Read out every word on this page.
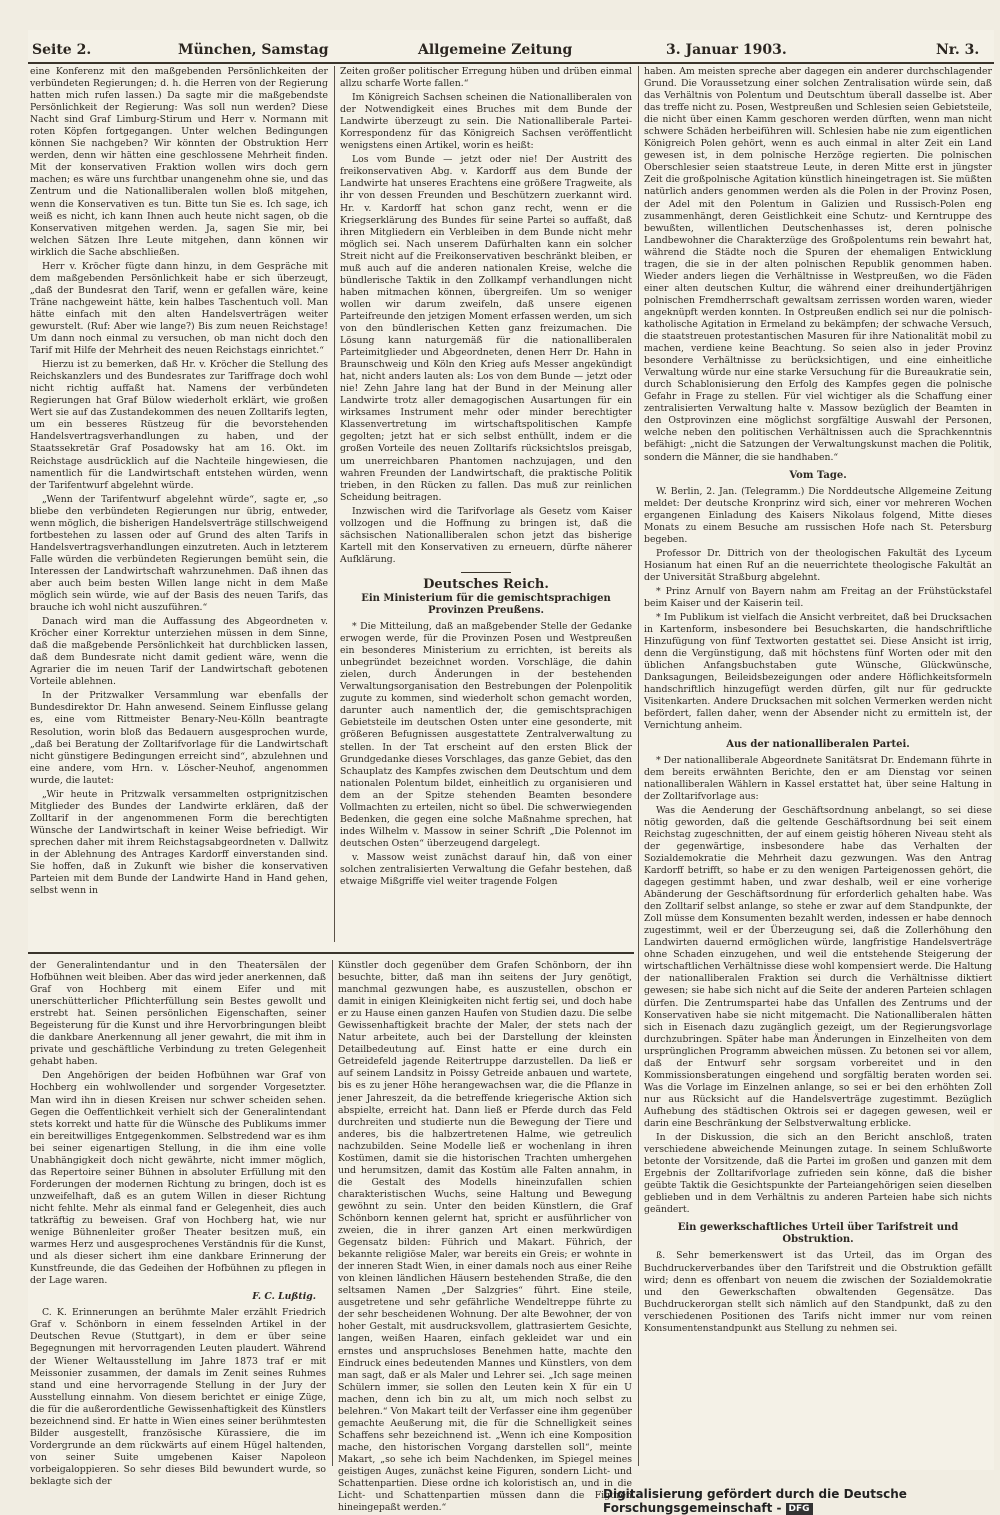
Seite 2.	München, Samstag	Allgemeine Zeitung	3. Januar 1903.	Nr. 3.

eine Konferenz mit den maßgebenden Persönlichkeiten der verbündeten Regierungen; d. h. die Herren von der Regierung hatten mich rufen lassen.) Da sagte mir die maßgebendste Persönlichkeit der Regierung: Was soll nun werden? Diese Nacht sind Graf Limburg-Stirum und Herr v. Normann mit roten Köpfen fortgegangen. Unter welchen Bedingungen können Sie nachgeben? Wir könnten der Obstruktion Herr werden, denn wir hätten eine geschlossene Mehrheit finden. Mit der konservativen Fraktion wollen wirs doch gern machen; es wäre uns furchtbar unangenehm ohne sie, und das Zentrum und die Nationalliberalen wollen bloß mitgehen, wenn die Konservativen es tun. Bitte tun Sie es. Ich sage, ich weiß es nicht, ich kann Ihnen auch heute nicht sagen, ob die Konservativen mitgehen werden. Ja, sagen Sie mir, bei welchen Sätzen Ihre Leute mitgehen, dann können wir wirklich die Sache abschließen.

Herr v. Kröcher fügte dann hinzu, in dem Gespräche mit dem maßgebenden Persönlichkeit habe er sich überzeugt, „daß der Bundesrat den Tarif, wenn er gefallen wäre, keine Träne nachgeweint hätte, kein halbes Taschentuch voll. Man hätte einfach mit den alten Handelsverträgen weiter gewurstelt. (Ruf: Aber wie lange?) Bis zum neuen Reichstage! Um dann noch einmal zu versuchen, ob man nicht doch den Tarif mit Hilfe der Mehrheit des neuen Reichstags einrichtet.“

Hierzu ist zu bemerken, daß Hr. v. Kröcher die Stellung des Reichskanzlers und des Bundesrates zur Tariffrage doch wohl nicht richtig auffaßt hat. Namens der verbündeten Regierungen hat Graf Bülow wiederholt erklärt, wie großen Wert sie auf das Zustandekommen des neuen Zolltarifs legten, um ein besseres Rüstzeug für die bevorstehenden Handelsvertragsverhandlungen zu haben, und der Staatssekretär Graf Posadowsky hat am 16. Okt. im Reichstage ausdrücklich auf die Nachteile hingewiesen, die namentlich für die Landwirtschaft entstehen würden, wenn der Tarifentwurf abgelehnt würde.

„Wenn der Tarifentwurf abgelehnt würde“, sagte er, „so bliebe den verbündeten Regierungen nur übrig, entweder, wenn möglich, die bisherigen Handelsverträge stillschweigend fortbestehen zu lassen oder auf Grund des alten Tarifs in Handelsvertragsverhandlungen einzutreten. Auch in letzterem Falle würden die verbündeten Regierungen bemüht sein, die Interessen der Landwirtschaft wahrzunehmen. Daß ihnen das aber auch beim besten Willen lange nicht in dem Maße möglich sein würde, wie auf der Basis des neuen Tarifs, das brauche ich wohl nicht auszuführen.“

Danach wird man die Auffassung des Abgeordneten v. Kröcher einer Korrektur unterziehen müssen in dem Sinne, daß die maßgebende Persönlichkeit hat durchblicken lassen, daß dem Bundesrate nicht damit gedient wäre, wenn die Agrarier die im neuen Tarif der Landwirtschaft gebotenen Vorteile ablehnen.

In der Pritzwalker Versammlung war ebenfalls der Bundesdirektor Dr. Hahn anwesend. Seinem Einflusse gelang es, eine vom Rittmeister Benary-Neu-Kölln beantragte Resolution, worin bloß das Bedauern ausgesprochen wurde, „daß bei Beratung der Zolltarifvorlage für die Landwirtschaft nicht günstigere Bedingungen erreicht sind“, abzulehnen und eine andere, vom Hrn. v. Löscher-Neuhof, angenommen wurde, die lautet:

„Wir heute in Pritzwalk versammelten ostprignitzischen Mitglieder des Bundes der Landwirte erklären, daß der Zolltarif in der angenommenen Form die berechtigten Wünsche der Landwirtschaft in keiner Weise befriedigt. Wir sprechen daher mit ihrem Reichstagsabgeordneten v. Dallwitz in der Ablehnung des Antrages Kardorff einverstanden sind. Sie hoffen, daß in Zukunft wie bisher die konservativen Parteien mit dem Bunde der Landwirte Hand in Hand gehen, selbst wenn in

Zeiten großer politischer Erregung hüben und drüben einmal allzu scharfe Worte fallen.“

Im Königreich Sachsen scheinen die Nationalliberalen von der Notwendigkeit eines Bruches mit dem Bunde der Landwirte überzeugt zu sein. Die Nationalliberale Partei-Korrespondenz für das Königreich Sachsen veröffentlicht wenigstens einen Artikel, worin es heißt:

Los vom Bunde — jetzt oder nie! Der Austritt des freikonservativen Abg. v. Kardorff aus dem Bunde der Landwirte hat unseres Erachtens eine größere Tragweite, als ihr von dessen Freunden und Beschützern zuerkannt wird. Hr. v. Kardorff hat schon ganz recht, wenn er die Kriegserklärung des Bundes für seine Partei so auffaßt, daß ihren Mitgliedern ein Verbleiben in dem Bunde nicht mehr möglich sei. Nach unserem Dafürhalten kann ein solcher Streit nicht auf die Freikonservativen beschränkt bleiben, er muß auch auf die anderen nationalen Kreise, welche die bündlerische Taktik in den Zollkampf verhandlungen nicht haben mitmachen können, übergreifen. Um so weniger wollen wir darum zweifeln, daß unsere eigenen Parteifreunde den jetzigen Moment erfassen werden, um sich von den bündlerischen Ketten ganz freizumachen. Die Lösung kann naturgemäß für die nationalliberalen Parteimitglieder und Abgeordneten, denen Herr Dr. Hahn in Braunschweig und Köln den Krieg aufs Messer angekündigt hat, nicht anders lauten als: Los von dem Bunde — jetzt oder nie! Zehn Jahre lang hat der Bund in der Meinung aller Landwirte trotz aller demagogischen Ausartungen für ein wirksames Instrument mehr oder minder berechtigter Klassenvertretung im wirtschaftspolitischen Kampfe gegolten; jetzt hat er sich selbst enthüllt, indem er die großen Vorteile des neuen Zolltarifs rücksichtslos preisgab, um unerreichbaren Phantomen nachzujagen, und den wahren Freunden der Landwirtschaft, die praktische Politik trieben, in den Rücken zu fallen. Das muß zur reinlichen Scheidung beitragen.

Inzwischen wird die Tarifvorlage als Gesetz vom Kaiser vollzogen und die Hoffnung zu bringen ist, daß die sächsischen Nationalliberalen schon jetzt das bisherige Kartell mit den Konservativen zu erneuern, dürfte näherer Aufklärung.

Deutsches Reich.
Ein Ministerium für die gemischtsprachigen Provinzen Preußens.

* Die Mitteilung, daß an maßgebender Stelle der Gedanke erwogen werde, für die Provinzen Posen und Westpreußen ein besonderes Ministerium zu errichten, ist bereits als unbegründet bezeichnet worden. Vorschläge, die dahin zielen, durch Änderungen in der bestehenden Verwaltungsorganisation den Bestrebungen der Polenpolitik zugute zu kommen, sind wiederholt schon gemacht worden, darunter auch namentlich der, die gemischtsprachigen Gebietsteile im deutschen Osten unter eine gesonderte, mit größeren Befugnissen ausgestattete Zentralverwaltung zu stellen. In der Tat erscheint auf den ersten Blick der Grundgedanke dieses Vorschlages, das ganze Gebiet, das den Schauplatz des Kampfes zwischen dem Deutschtum und dem nationalen Polentum bildet, einheitlich zu organisieren und dem an der Spitze stehenden Beamten besondere Vollmachten zu erteilen, nicht so übel. Die schwerwiegenden Bedenken, die gegen eine solche Maßnahme sprechen, hat indes Wilhelm v. Massow in seiner Schrift „Die Polennot im deutschen Osten“ überzeugend dargelegt.

v. Massow weist zunächst darauf hin, daß von einer solchen zentralisierten Verwaltung die Gefahr bestehen, daß etwaige Mißgriffe viel weiter tragende Folgen

haben. Am meisten spreche aber dagegen ein anderer durchschlagender Grund. Die Voraussetzung einer solchen Zentralisation würde sein, daß das Verhältnis von Polentum und Deutschtum überall dasselbe ist. Aber das treffe nicht zu. Posen, Westpreußen und Schlesien seien Gebietsteile, die nicht über einen Kamm geschoren werden dürften, wenn man nicht schwere Schäden herbeiführen will. Schlesien habe nie zum eigentlichen Königreich Polen gehört, wenn es auch einmal in alter Zeit ein Land gewesen ist, in dem polnische Herzöge regierten. Die polnischen Oberschlesier seien staatstreue Leute, in deren Mitte erst in jüngster Zeit die großpolnische Agitation künstlich hineingetragen ist. Sie müßten natürlich anders genommen werden als die Polen in der Provinz Posen, der Adel mit den Polentum in Galizien und Russisch-Polen eng zusammenhängt, deren Geistlichkeit eine Schutz- und Kerntruppe des bewußten, willentlichen Deutschenhasses ist, deren polnische Landbewohner die Charakterzüge des Großpolentums rein bewahrt hat, während die Städte noch die Spuren der ehemaligen Entwicklung tragen, die sie in der alten polnischen Republik genommen haben. Wieder anders liegen die Verhältnisse in Westpreußen, wo die Fäden einer alten deutschen Kultur, die während einer dreihundertjährigen polnischen Fremdherrschaft gewaltsam zerrissen worden waren, wieder angeknüpft werden konnten. In Ostpreußen endlich sei nur die polnisch-katholische Agitation in Ermeland zu bekämpfen; der schwache Versuch, die staatstreuen protestantischen Masuren für ihre Nationalität mobil zu machen, verdiene keine Beachtung. So seien also in jeder Provinz besondere Verhältnisse zu berücksichtigen, und eine einheitliche Verwaltung würde nur eine starke Versuchung für die Bureaukratie sein, durch Schablonisierung den Erfolg des Kampfes gegen die polnische Gefahr in Frage zu stellen. Für viel wichtiger als die Schaffung einer zentralisierten Verwaltung halte v. Massow bezüglich der Beamten in den Ostprovinzen eine möglichst sorgfältige Auswahl der Personen, welche neben den politischen Verhältnissen auch die Sprachkenntnis befähigt: „nicht die Satzungen der Verwaltungskunst machen die Politik, sondern die Männer, die sie handhaben.“

Vom Tage.

W. Berlin, 2. Jan. (Telegramm.) Die Norddeutsche Allgemeine Zeitung meldet: Der deutsche Kronprinz wird sich, einer vor mehreren Wochen ergangenen Einladung des Kaisers Nikolaus folgend, Mitte dieses Monats zu einem Besuche am russischen Hofe nach St. Petersburg begeben.

Professor Dr. Dittrich von der theologischen Fakultät des Lyceum Hosianum hat einen Ruf an die neuerrichtete theologische Fakultät an der Universität Straßburg abgelehnt.

* Prinz Arnulf von Bayern nahm am Freitag an der Frühstückstafel beim Kaiser und der Kaiserin teil.

* Im Publikum ist vielfach die Ansicht verbreitet, daß bei Drucksachen in Kartenform, insbesondere bei Besuchskarten, die handschriftliche Hinzufügung von fünf Textworten gestattet sei. Diese Ansicht ist irrig, denn die Vergünstigung, daß mit höchstens fünf Worten oder mit den üblichen Anfangsbuchstaben gute Wünsche, Glückwünsche, Danksagungen, Beileidsbezeigungen oder andere Höflichkeitsformeln handschriftlich hinzugefügt werden dürfen, gilt nur für gedruckte Visitenkarten. Andere Drucksachen mit solchen Vermerken werden nicht befördert, fallen daher, wenn der Absender nicht zu ermitteln ist, der Vernichtung anheim.

Aus der nationalliberalen Partei.

* Der nationalliberale Abgeordnete Sanitätsrat Dr. Endemann führte in dem bereits erwähnten Berichte, den er am Dienstag vor seinen nationalliberalen Wählern in Kassel erstattet hat, über seine Haltung in der Zolltarifvorlage aus:

Was die Aenderung der Geschäftsordnung anbelangt, so sei diese nötig geworden, daß die geltende Geschäftsordnung bei seit einem Reichstag zugeschnitten, der auf einem geistig höheren Niveau steht als der gegenwärtige, insbesondere habe das Verhalten der Sozialdemokratie die Mehrheit dazu gezwungen. Was den Antrag Kardorff betrifft, so habe er zu den wenigen Parteigenossen gehört, die dagegen gestimmt haben, und zwar deshalb, weil er eine vorherige Abänderung der Geschäftsordnung für erforderlich gehalten habe. Was den Zolltarif selbst anlange, so stehe er zwar auf dem Standpunkte, der Zoll müsse dem Konsumenten bezahlt werden, indessen er habe dennoch zugestimmt, weil er der Überzeugung sei, daß die Zollerhöhung den Landwirten dauernd ermöglichen würde, langfristige Handelsverträge ohne Schaden einzugehen, und weil die entstehende Steigerung der wirtschaftlichen Verhältnisse diese wohl kompensiert werde. Die Haltung der nationalliberalen Fraktion sei durch die Verhältnisse diktiert gewesen; sie habe sich nicht auf die Seite der anderen Parteien schlagen dürfen. Die Zentrumspartei habe das Unfallen des Zentrums und der Konservativen habe sie nicht mitgemacht. Die Nationalliberalen hätten sich in Eisenach dazu zugänglich gezeigt, um der Regierungsvorlage durchzubringen. Später habe man Änderungen in Einzelheiten von dem ursprünglichen Programm abweichen müssen. Zu betonen sei vor allem, daß der Entwurf sehr sorgsam vorbereitet und in den Kommissionsberatungen eingehend und sorgfältig beraten worden sei. Was die Vorlage im Einzelnen anlange, so sei er bei den erhöhten Zoll nur aus Rücksicht auf die Handelsverträge zugestimmt. Bezüglich Aufhebung des städtischen Oktrois sei er dagegen gewesen, weil er darin eine Beschränkung der Selbstverwaltung erblicke.

In der Diskussion, die sich an den Bericht anschloß, traten verschiedene abweichende Meinungen zutage. In seinem Schlußworte betonte der Vorsitzende, daß die Partei im großen und ganzen mit dem Ergebnis der Zolltarifvorlage zufrieden sein könne, daß die bisher geübte Taktik die Gesichtspunkte der Parteiangehörigen seien dieselben geblieben und in dem Verhältnis zu anderen Parteien habe sich nichts geändert.

Ein gewerkschaftliches Urteil über Tarifstreit und Obstruktion.

ß. Sehr bemerkenswert ist das Urteil, das im Organ des Buchdruckerverbandes über den Tarifstreit und die Obstruktion gefällt wird; denn es offenbart von neuem die zwischen der Sozialdemokratie und den Gewerkschaften obwaltenden Gegensätze. Das Buchdruckerorgan stellt sich nämlich auf den Standpunkt, daß zu den verschiedenen Positionen des Tarifs nicht immer nur vom reinen Konsumentenstandpunkt aus Stellung zu nehmen sei.

der Generalintendantur und in den Theatersälen der Hofbühnen weit bleiben. Aber das wird jeder anerkennen, daß Graf von Hochberg mit einem Eifer und mit unerschütterlicher Pflichterfüllung sein Bestes gewollt und erstrebt hat. Seinen persönlichen Eigenschaften, seiner Begeisterung für die Kunst und ihre Hervorbringungen bleibt die dankbare Anerkennung all jener gewahrt, die mit ihm in private und geschäftliche Verbindung zu treten Gelegenheit gehabt haben.

Den Angehörigen der beiden Hofbühnen war Graf von Hochberg ein wohlwollender und sorgender Vorgesetzter. Man wird ihn in diesen Kreisen nur schwer scheiden sehen. Gegen die Oeffentlichkeit verhielt sich der Generalintendant stets korrekt und hatte für die Wünsche des Publikums immer ein bereitwilliges Entgegenkommen. Selbstredend war es ihm bei seiner eigenartigen Stellung, in die ihm eine volle Unabhängigkeit doch nicht gewährte, nicht immer möglich, das Repertoire seiner Bühnen in absoluter Erfüllung mit den Forderungen der modernen Richtung zu bringen, doch ist es unzweifelhaft, daß es an gutem Willen in dieser Richtung nicht fehlte. Mehr als einmal fand er Gelegenheit, dies auch tatkräftig zu beweisen. Graf von Hochberg hat, wie nur wenige Bühnenleiter großer Theater besitzen muß, ein warmes Herz und ausgesprochenes Verständnis für die Kunst, und als dieser sichert ihm eine dankbare Erinnerung der Kunstfreunde, die das Gedeihen der Hofbühnen zu pflegen in der Lage waren.

F. C. Lußtig.

C. K. Erinnerungen an berühmte Maler erzählt Friedrich Graf v. Schönborn in einem fesselnden Artikel in der Deutschen Revue (Stuttgart), in dem er über seine Begegnungen mit hervorragenden Leuten plaudert. Während der Wiener Weltausstellung im Jahre 1873 traf er mit Meissonier zusammen, der damals im Zenit seines Ruhmes stand und eine hervorragende Stellung in der Jury der Ausstellung einnahm. Von diesem berichtet er einige Züge, die für die außerordentliche Gewissenhaftigkeit des Künstlers bezeichnend sind. Er hatte in Wien eines seiner berühmtesten Bilder ausgestellt, französische Kürassiere, die im Vordergrunde an dem rückwärts auf einem Hügel haltenden, von seiner Suite umgebenen Kaiser Napoleon vorbeigaloppieren. So sehr dieses Bild bewundert wurde, so beklagte sich der

Künstler doch gegenüber dem Grafen Schönborn, der ihn besuchte, bitter, daß man ihn seitens der Jury genötigt, manchmal gezwungen habe, es auszustellen, obschon er damit in einigen Kleinigkeiten nicht fertig sei, und doch habe er zu Hause einen ganzen Haufen von Studien dazu. Die selbe Gewissenhaftigkeit brachte der Maler, der stets nach der Natur arbeitete, auch bei der Darstellung der kleinsten Detailbedeutung auf. Einst hatte er eine durch ein Getreidefeld jagende Reitertruppe darzustellen. Da ließ er auf seinem Landsitz in Poissy Getreide anbauen und wartete, bis es zu jener Höhe herangewachsen war, die die Pflanze in jener Jahreszeit, da die betreffende kriegerische Aktion sich abspielte, erreicht hat. Dann ließ er Pferde durch das Feld durchreiten und studierte nun die Bewegung der Tiere und anderes, bis die halbzertretenen Halme, wie getreulich nachzubilden. Seine Modelle ließ er wochenlang in ihren Kostümen, damit sie die historischen Trachten umhergehen und herumsitzen, damit das Kostüm alle Falten annahm, in die Gestalt des Modells hineinzufallen schien charakteristischen Wuchs, seine Haltung und Bewegung gewöhnt zu sein. Unter den beiden Künstlern, die Graf Schönborn kennen gelernt hat, spricht er ausführlicher von zweien, die in ihrer ganzen Art einen merkwürdigen Gegensatz bilden: Führich und Makart. Führich, der bekannte religiöse Maler, war bereits ein Greis; er wohnte in der inneren Stadt Wien, in einer damals noch aus einer Reihe von kleinen ländlichen Häusern bestehenden Straße, die den seltsamen Namen „Der Salzgries“ führt. Eine steile, ausgetretene und sehr gefährliche Wendeltreppe führte zu der sehr bescheidenen Wohnung. Der alte Bewohner, der von hoher Gestalt, mit ausdrucksvollem, glattrasiertem Gesichte, langen, weißen Haaren, einfach gekleidet war und ein ernstes und anspruchsloses Benehmen hatte, machte den Eindruck eines bedeutenden Mannes und Künstlers, von dem man sagt, daß er als Maler und Lehrer sei. „Ich sage meinen Schülern immer, sie sollen den Leuten kein X für ein U machen, denn ich bin zu alt, um mich noch selbst zu belehren.“ Von Makart teilt der Verfasser eine ihm gegenüber gemachte Aeußerung mit, die für die Schnelligkeit seines Schaffens sehr bezeichnend ist. „Wenn ich eine Komposition mache, den historischen Vorgang darstellen soll“, meinte Makart, „so sehe ich beim Nachdenken, im Spiegel meines geistigen Auges, zunächst keine Figuren, sondern Licht- und Schattenpartien. Diese ordne ich koloristisch an, und in die Licht- und Schattenpartien müssen dann die Figuren hineingepaßt werden.“

Digitalisierung gefördert durch die Deutsche Forschungsgemeinschaft - DFG
